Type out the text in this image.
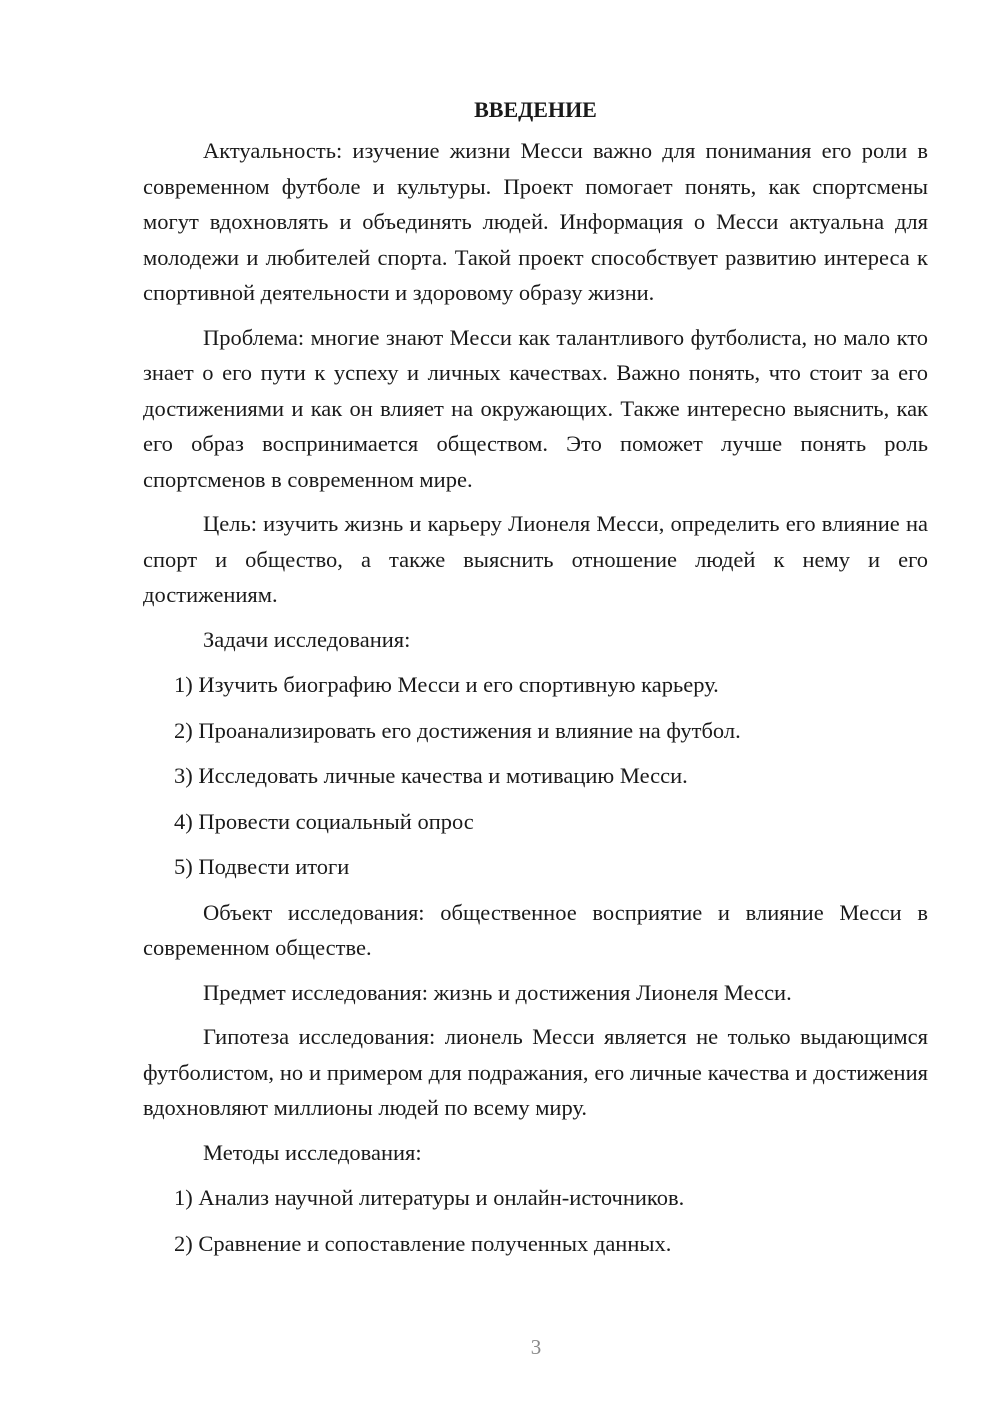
ВВЕДЕНИЕ

Актуальность: изучение жизни Месси важно для понимания его роли в современном футболе и культуры. Проект помогает понять, как спортсмены могут вдохновлять и объединять людей. Информация о Месси актуальна для молодежи и любителей спорта. Такой проект способствует развитию интереса к спортивной деятельности и здоровому образу жизни.

Проблема: многие знают Месси как талантливого футболиста, но мало кто знает о его пути к успеху и личных качествах. Важно понять, что стоит за его достижениями и как он влияет на окружающих. Также интересно выяснить, как его образ воспринимается обществом. Это поможет лучше понять роль спортсменов в современном мире.

Цель: изучить жизнь и карьеру Лионеля Месси, определить его влияние на спорт и общество, а также выяснить отношение людей к нему и его достижениям.

Задачи исследования:

1) Изучить биографию Месси и его спортивную карьеру.
2) Проанализировать его достижения и влияние на футбол.
3) Исследовать личные качества и мотивацию Месси.
4) Провести социальный опрос
5) Подвести итоги

Объект исследования: общественное восприятие и влияние Месси в современном обществе.

Предмет исследования: жизнь и достижения Лионеля Месси.

Гипотеза исследования: лионель Месси является не только выдающимся футболистом, но и примером для подражания, его личные качества и достижения вдохновляют миллионы людей по всему миру.

Методы исследования:

1) Анализ научной литературы и онлайн-источников.
2) Сравнение и сопоставление полученных данных.
3
